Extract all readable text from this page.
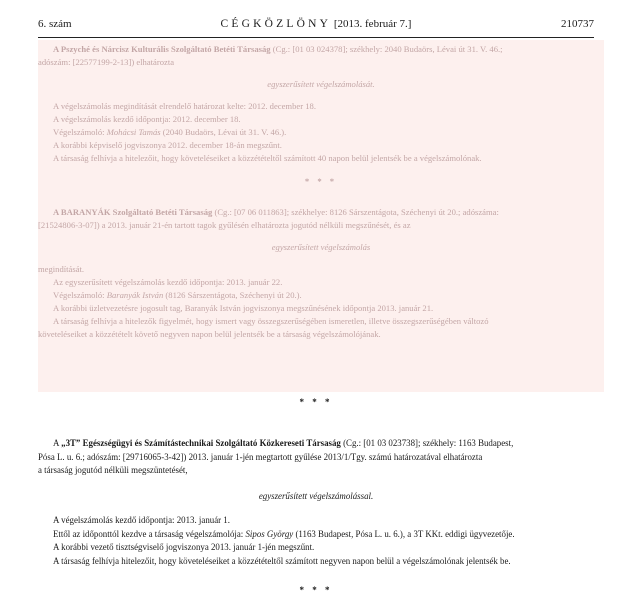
6. szám	CÉGKÖZLÖNY [2013. február 7.]	210737

A Pszyché és Nárcisz Kulturális Szolgáltató Betéti Társaság (Cg.: [01 03 024378]; székhely: 2040 Budaörs, Lévai út 31. V. 46.;

adószám: [22577199-2-13]) elhatározta

egyszerűsített végelszámolását.

A végelszámolás megindítását elrendelő határozat kelte: 2012. december 18.

A végelszámolás kezdő időpontja: 2012. december 18.

Végelszámoló: Mohácsi Tamás (2040 Budaörs, Lévai út 31. V. 46.).

A korábbi képviselő jogviszonya 2012. december 18-án megszűnt.

A társaság felhívja a hitelezőit, hogy követeléseiket a közzétételtől számított 40 napon belül jelentsék be a végelszámolónak.

* * *

A BARANYÁK Szolgáltató Betéti Társaság (Cg.: [07 06 011863]; székhelye: 8126 Sárszentágota, Széchenyi út 20.; adószáma:

[21524806-3-07]) a 2013. január 21-én tartott tagok gyűlésén elhatározta jogutód nélküli megszűnését, és az

egyszerűsített végelszámolás

megindítását.

Az egyszerűsített végelszámolás kezdő időpontja: 2013. január 22.

Végelszámoló: Baranyák István (8126 Sárszentágota, Széchenyi út 20.).

A korábbi üzletvezetésre jogosult tag, Baranyák István jogviszonya megszűnésének időpontja 2013. január 21.

A társaság felhívja a hitelezők figyelmét, hogy ismert vagy összegszerűségében ismeretlen, illetve összegszerűségében változó

követeléseiket a közzétételt követő negyven napon belül jelentsék be a társaság végelszámolójának.

* * *

A „3T” Egészségügyi és Számítástechnikai Szolgáltató Közkereseti Társaság (Cg.: [01 03 023738]; székhely: 1163 Budapest,

Pósa L. u. 6.; adószám: [29716065-3-42]) 2013. január 1-jén megtartott gyűlése 2013/1/Tgy. számú határozatával elhatározta

a társaság jogutód nélküli megszüntetését,

egyszerűsített végelszámolással.

A végelszámolás kezdő időpontja: 2013. január 1.

Ettől az időponttól kezdve a társaság végelszámolója: Sipos György (1163 Budapest, Pósa L. u. 6.), a 3T KKt. eddigi ügyvezetője.

A korábbi vezető tisztségviselő jogviszonya 2013. január 1-jén megszűnt.

A társaság felhívja hitelezőit, hogy követeléseiket a közzétételtől számított negyven napon belül a végelszámolónak jelentsék be.

* * *
